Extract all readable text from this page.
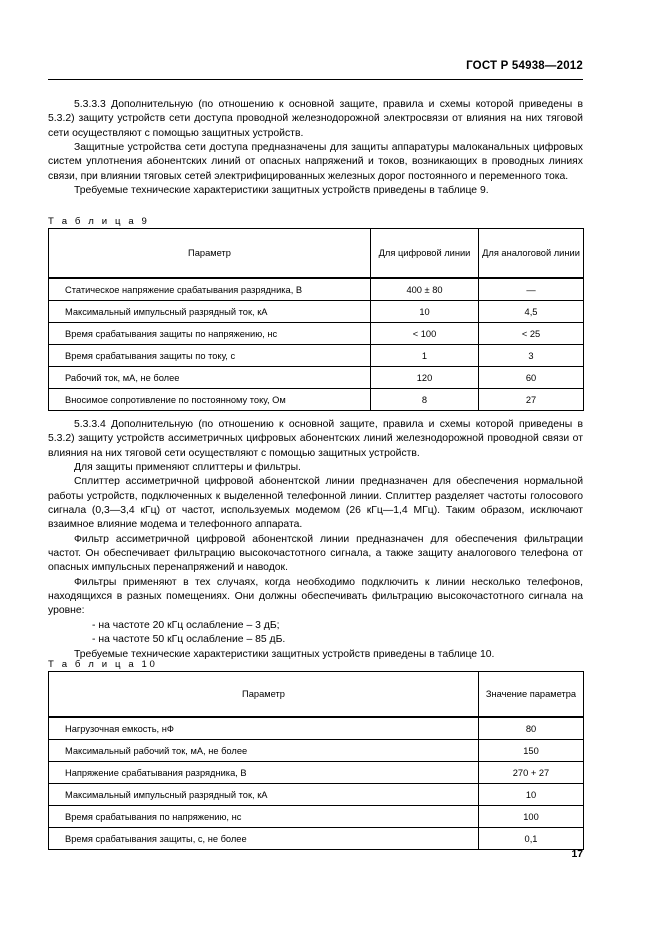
ГОСТ Р 54938—2012

5.3.3.3 Дополнительную (по отношению к основной защите, правила и схемы которой приведены в 5.3.2) защиту устройств сети доступа проводной железнодорожной электросвязи от влияния на них тяговой сети осуществляют с помощью защитных устройств.

Защитные устройства сети доступа предназначены для защиты аппаратуры малоканальных цифровых систем уплотнения абонентских линий от опасных напряжений и токов, возникающих в проводных линиях связи, при влиянии тяговых сетей электрифицированных железных дорог постоянного и переменного тока.

Требуемые технические характеристики защитных устройств приведены в таблице 9.

Т а б л и ц а 9
Параметр	Для цифровой линии	Для аналоговой линии
Статическое напряжение срабатывания разрядника, В	400 ± 80	—
Максимальный импульсный разрядный ток, кА	10	4,5
Время срабатывания защиты по напряжению, нс	< 100	< 25
Время срабатывания защиты по току, с	1	3
Рабочий ток, мА, не более	120	60
Вносимое сопротивление по постоянному току, Ом	8	27

5.3.3.4 Дополнительную (по отношению к основной защите, правила и схемы которой приведены в 5.3.2) защиту устройств ассиметричных цифровых абонентских линий железнодорожной проводной связи от влияния на них тяговой сети осуществляют с помощью защитных устройств.

Для защиты применяют сплиттеры и фильтры.

Сплиттер ассиметричной цифровой абонентской линии предназначен для обеспечения нормальной работы устройств, подключенных к выделенной телефонной линии. Сплиттер разделяет частоты голосового сигнала (0,3—3,4 кГц) от частот, используемых модемом (26 кГц—1,4 МГц). Таким образом, исключают взаимное влияние модема и телефонного аппарата.

Фильтр ассиметричной цифровой абонентской линии предназначен для обеспечения фильтрации частот. Он обеспечивает фильтрацию высокочастотного сигнала, а также защиту аналогового телефона от опасных импульсных перенапряжений и наводок.

Фильтры применяют в тех случаях, когда необходимо подключить к линии несколько телефонов, находящихся в разных помещениях. Они должны обеспечивать фильтрацию высокочастотного сигнала на уровне:

- на частоте 20 кГц ослабление – 3 дБ;

- на частоте 50 кГц ослабление – 85 дБ.

Требуемые технические характеристики защитных устройств приведены в таблице 10.

Т а б л и ц а 10
Параметр	Значение параметра
Нагрузочная емкость, нФ	80
Максимальный рабочий ток, мА, не более	150
Напряжение срабатывания разрядника, В	270 + 27
Максимальный импульсный разрядный ток, кА	10
Время срабатывания по напряжению, нс	100
Время срабатывания защиты, с, не более	0,1
17
